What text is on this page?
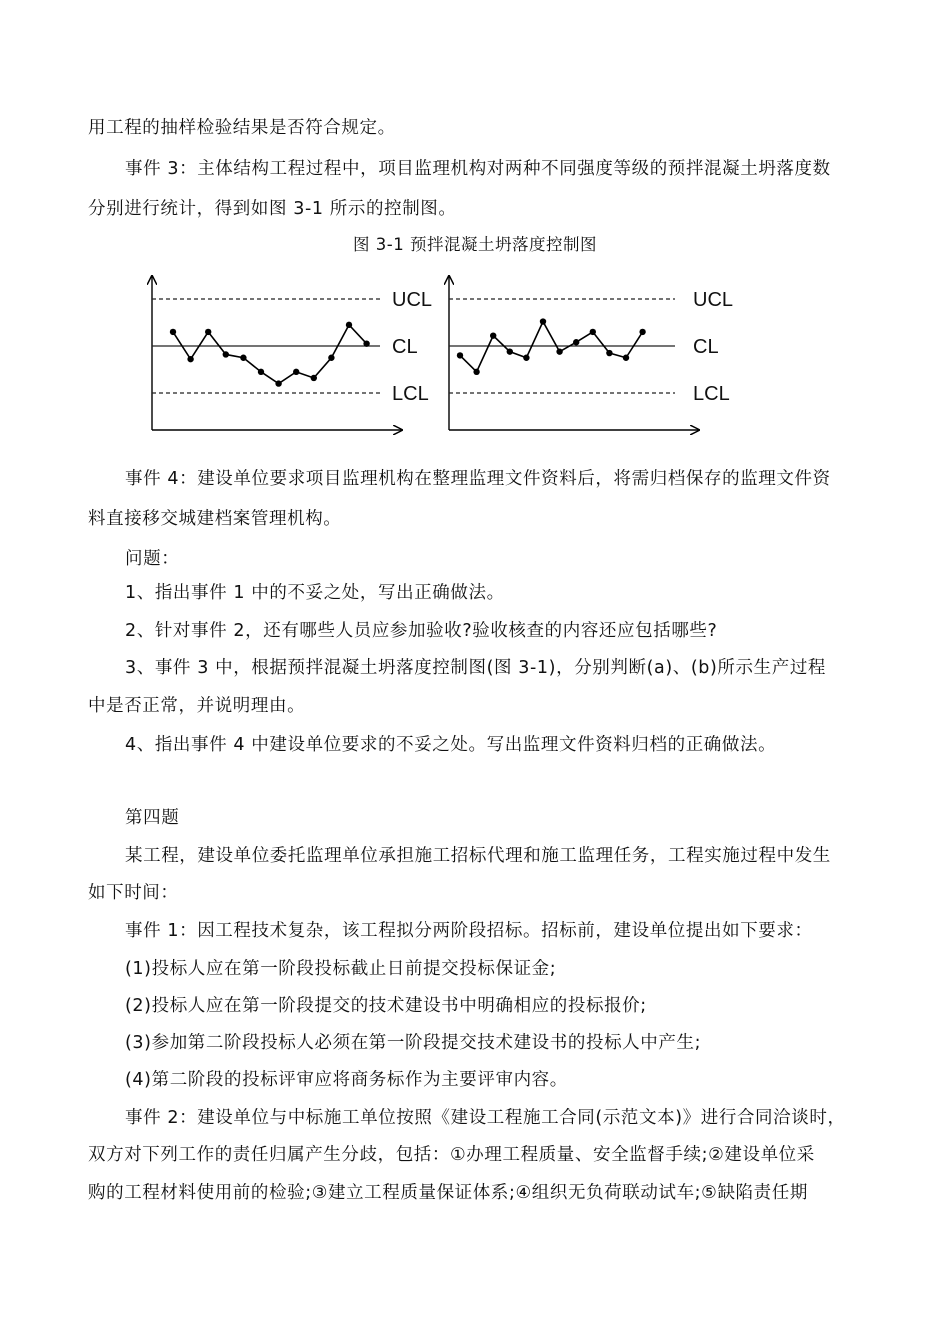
用工程的抽样检验结果是否符合规定。
事件 3：主体结构工程过程中，项目监理机构对两种不同强度等级的预拌混凝土坍落度数
分别进行统计，得到如图 3-1 所示的控制图。
图 3-1 预拌混凝土坍落度控制图
UCL
CL
LCL
UCL
CL
LCL
事件 4：建设单位要求项目监理机构在整理监理文件资料后，将需归档保存的监理文件资
料直接移交城建档案管理机构。
问题：
1、指出事件 1 中的不妥之处，写出正确做法。
2、针对事件 2，还有哪些人员应参加验收?验收核查的内容还应包括哪些?
3、事件 3 中，根据预拌混凝土坍落度控制图(图 3-1)，分别判断(a)、(b)所示生产过程
中是否正常，并说明理由。
4、指出事件 4 中建设单位要求的不妥之处。写出监理文件资料归档的正确做法。
第四题
某工程，建设单位委托监理单位承担施工招标代理和施工监理任务，工程实施过程中发生
如下时间：
事件 1：因工程技术复杂，该工程拟分两阶段招标。招标前，建设单位提出如下要求：
(1)投标人应在第一阶段投标截止日前提交投标保证金;
(2)投标人应在第一阶段提交的技术建设书中明确相应的投标报价;
(3)参加第二阶段投标人必须在第一阶段提交技术建设书的投标人中产生;
(4)第二阶段的投标评审应将商务标作为主要评审内容。
事件 2：建设单位与中标施工单位按照《建设工程施工合同(示范文本)》进行合同洽谈时，
双方对下列工作的责任归属产生分歧，包括：①办理工程质量、安全监督手续;②建设单位采
购的工程材料使用前的检验;③建立工程质量保证体系;④组织无负荷联动试车;⑤缺陷责任期
